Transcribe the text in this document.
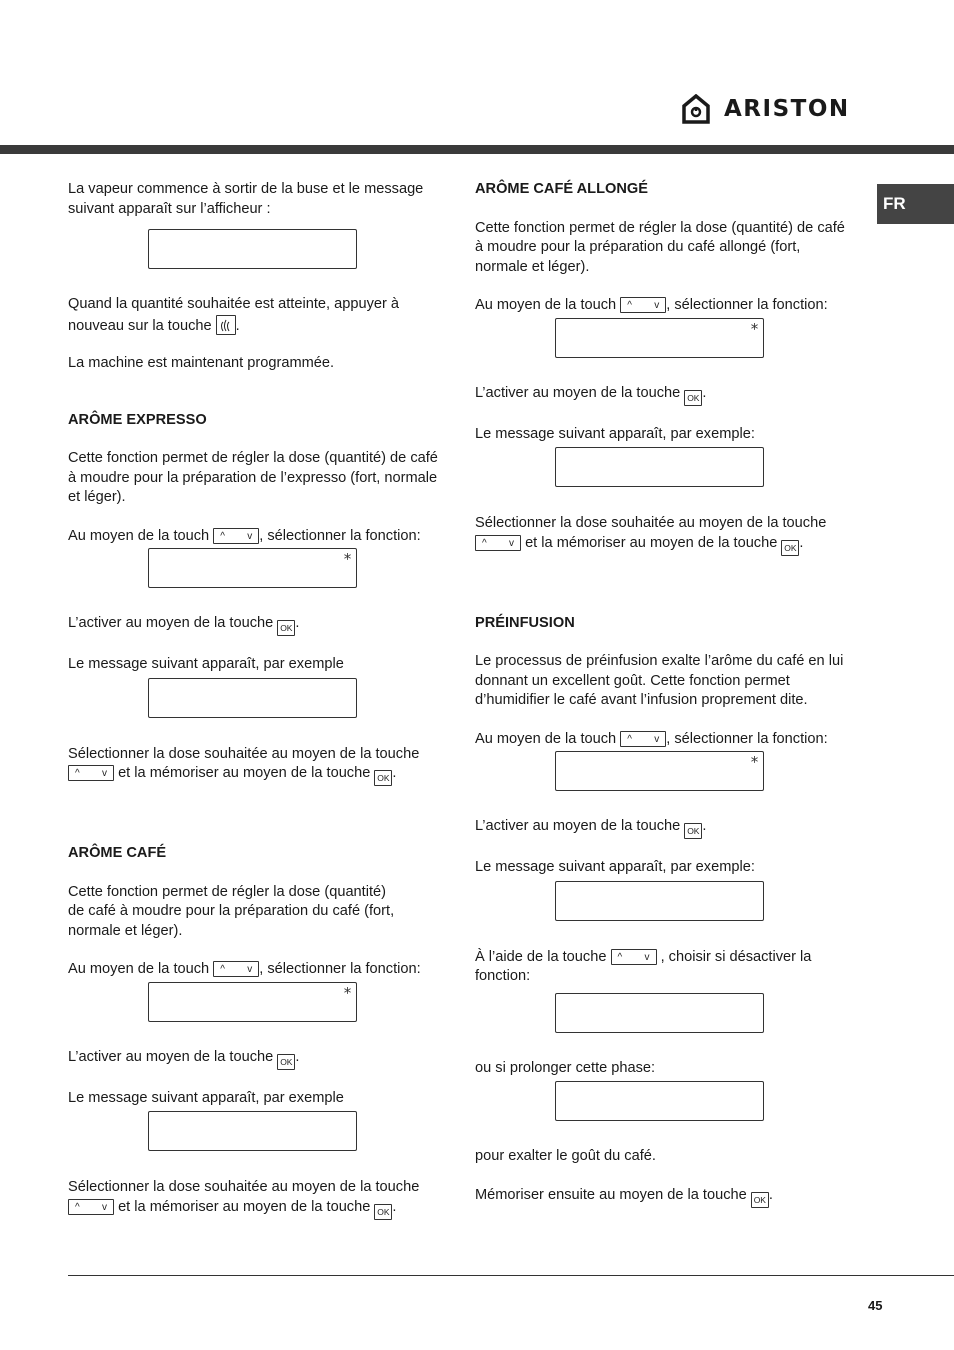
ARISTON
FR

La vapeur commence à sortir de la buse et le message suivant apparaît sur l’afficheur :

Quand la quantité souhaitée est atteinte, appuyer à nouveau sur la touche .

La machine est maintenant programmée.

ARÔME EXPRESSO

Cette fonction permet de régler la dose (quantité) de café à moudre pour la préparation de l’expresso (fort, normale et léger).

Au moyen de la touch ^ v , sélectionner la fonction:

*

L’activer au moyen de la touche OK .

Le message suivant apparaît, par exemple

Sélectionner la dose souhaitée au moyen de la touche
^ v et la mémoriser au moyen de la touche OK .

ARÔME CAFÉ

Cette fonction permet de régler la dose (quantité)
de café à moudre pour la préparation du café (fort, normale et léger).

Au moyen de la touch ^ v , sélectionner la fonction:

*

L’activer au moyen de la touche OK .

Le message suivant apparaît, par exemple

Sélectionner la dose souhaitée au moyen de la touche
^ v et la mémoriser au moyen de la touche OK .

ARÔME CAFÉ ALLONGÉ

Cette fonction permet de régler la dose (quantité) de café à moudre pour la préparation du café allongé (fort, normale et léger).

Au moyen de la touch ^ v , sélectionner la fonction:

*

L’activer au moyen de la touche OK .

Le message suivant apparaît, par exemple:

Sélectionner la dose souhaitée au moyen de la touche
^ v et la mémoriser au moyen de la touche OK .

PRÉINFUSION

Le processus de préinfusion exalte l’arôme du café en lui donnant un excellent goût. Cette fonction permet d’humidifier le café avant l’infusion proprement dite.

Au moyen de la touch ^ v , sélectionner la fonction:

*

L’activer au moyen de la touche OK .

Le message suivant apparaît, par exemple:

À l’aide de la touche ^ v , choisir si désactiver la fonction:

ou si prolonger cette phase:

pour exalter le goût du café.

Mémoriser ensuite au moyen de la touche OK .

45
